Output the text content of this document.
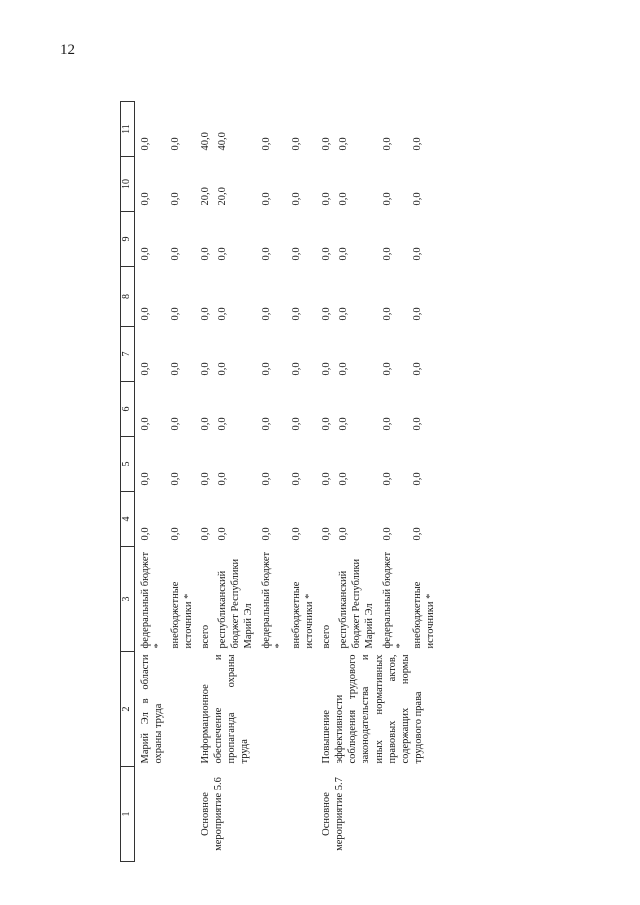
12
1	2	3	4	5	6	7	8	9	10	11
	Марий Эл в области охраны труда	федеральный бюджет *	0,0	0,0	0,0	0,0	0,0	0,0	0,0	0,0
		внебюджетные источники *	0,0	0,0	0,0	0,0	0,0	0,0	0,0	0,0
Основное мероприятие 5.6	Информационное обеспечение и пропаганда охраны труда	всего	0,0	0,0	0,0	0,0	0,0	0,0	20,0	40,0
		республиканский бюджет Республики Марий Эл	0,0	0,0	0,0	0,0	0,0	0,0	20,0	40,0
		федеральный бюджет *	0,0	0,0	0,0	0,0	0,0	0,0	0,0	0,0
		внебюджетные источники *	0,0	0,0	0,0	0,0	0,0	0,0	0,0	0,0
Основное мероприятие 5.7	Повышение эффективности соблюдения трудового законодательства и иных нормативных правовых актов, содержащих нормы трудового права	всего	0,0	0,0	0,0	0,0	0,0	0,0	0,0	0,0
		республиканский бюджет Республики Марий Эл	0,0	0,0	0,0	0,0	0,0	0,0	0,0	0,0
		федеральный бюджет *	0,0	0,0	0,0	0,0	0,0	0,0	0,0	0,0
		внебюджетные источники *	0,0	0,0	0,0	0,0	0,0	0,0	0,0	0,0
